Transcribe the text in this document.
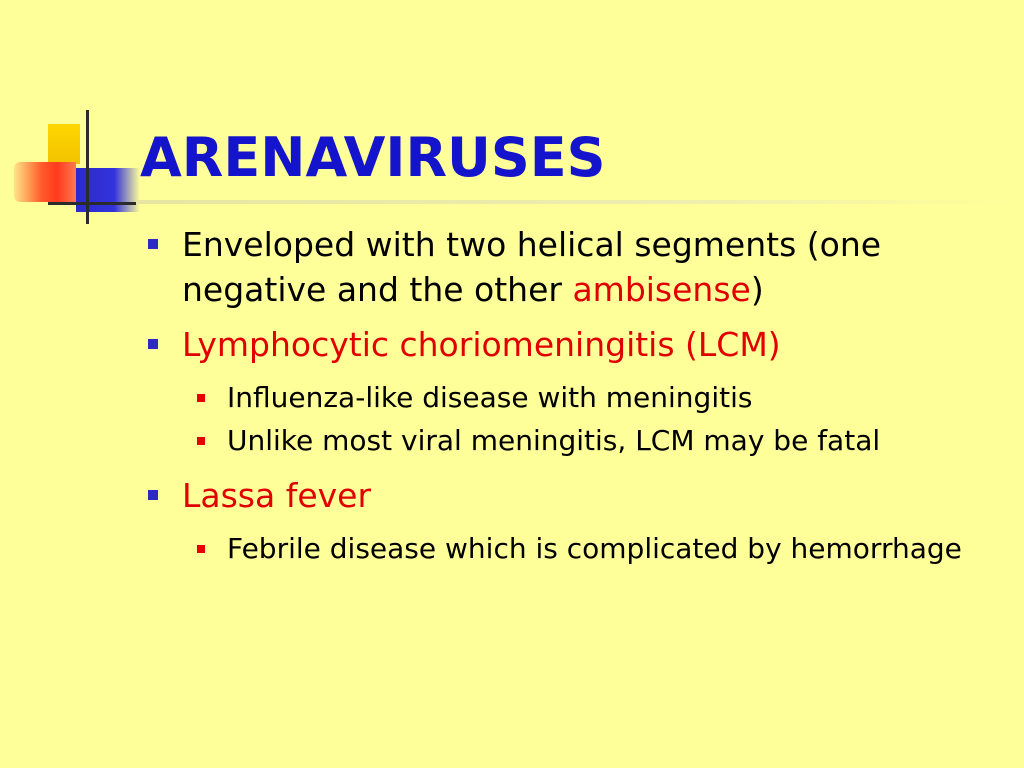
ARENAVIRUSES
Enveloped with two helical segments (one negative and the other ambisense)
Lymphocytic choriomeningitis (LCM)
Influenza-like disease with meningitis
Unlike most viral meningitis, LCM may be fatal
Lassa fever
Febrile disease which is complicated by hemorrhage
